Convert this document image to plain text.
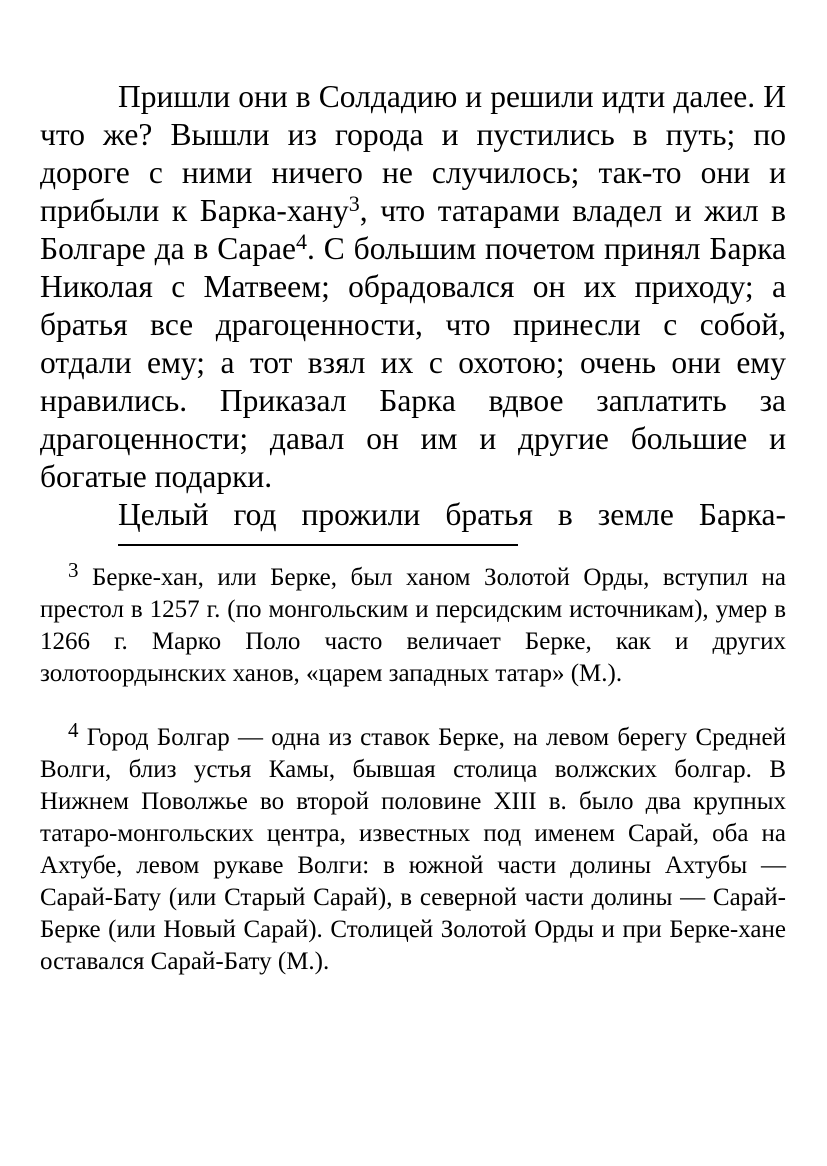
Пришли они в Солдадию и решили идти далее. И что же? Вышли из города и пустились в путь; по дороге с ними ничего не случилось; так-то они и прибыли к Барка-хану$^3$, что татарами владел и жил в Болгаре да в Сарае$^4$. С большим почетом принял Барка Николая с Матвеем; обрадовался он их приходу; а братья все драгоценности, что принесли с собой, отдали ему; а тот взял их с охотою; очень они ему нравились. Приказал Барка вдвое заплатить за драгоценности; давал он им и другие большие и богатые подарки.

Целый год прожили братья в земле Барка-

$^3$ Берке-хан, или Берке, был ханом Золотой Орды, вступил на престол в 1257 г. (по монгольским и персидским источникам), умер в 1266 г. Марко Поло часто величает Берке, как и других золотоордынских ханов, «царем западных татар» (М.).

$^4$ Город Болгар — одна из ставок Берке, на левом берегу Средней Волги, близ устья Камы, бывшая столица волжских болгар. В Нижнем Поволжье во второй половине XIII в. было два крупных татаро-монгольских центра, известных под именем Сарай, оба на Ахтубе, левом рукаве Волги: в южной части долины Ахтубы — Сарай-Бату (или Старый Сарай), в северной части долины — Сарай-Берке (или Новый Сарай). Столицей Золотой Орды и при Берке-хане оставался Сарай-Бату (М.).
